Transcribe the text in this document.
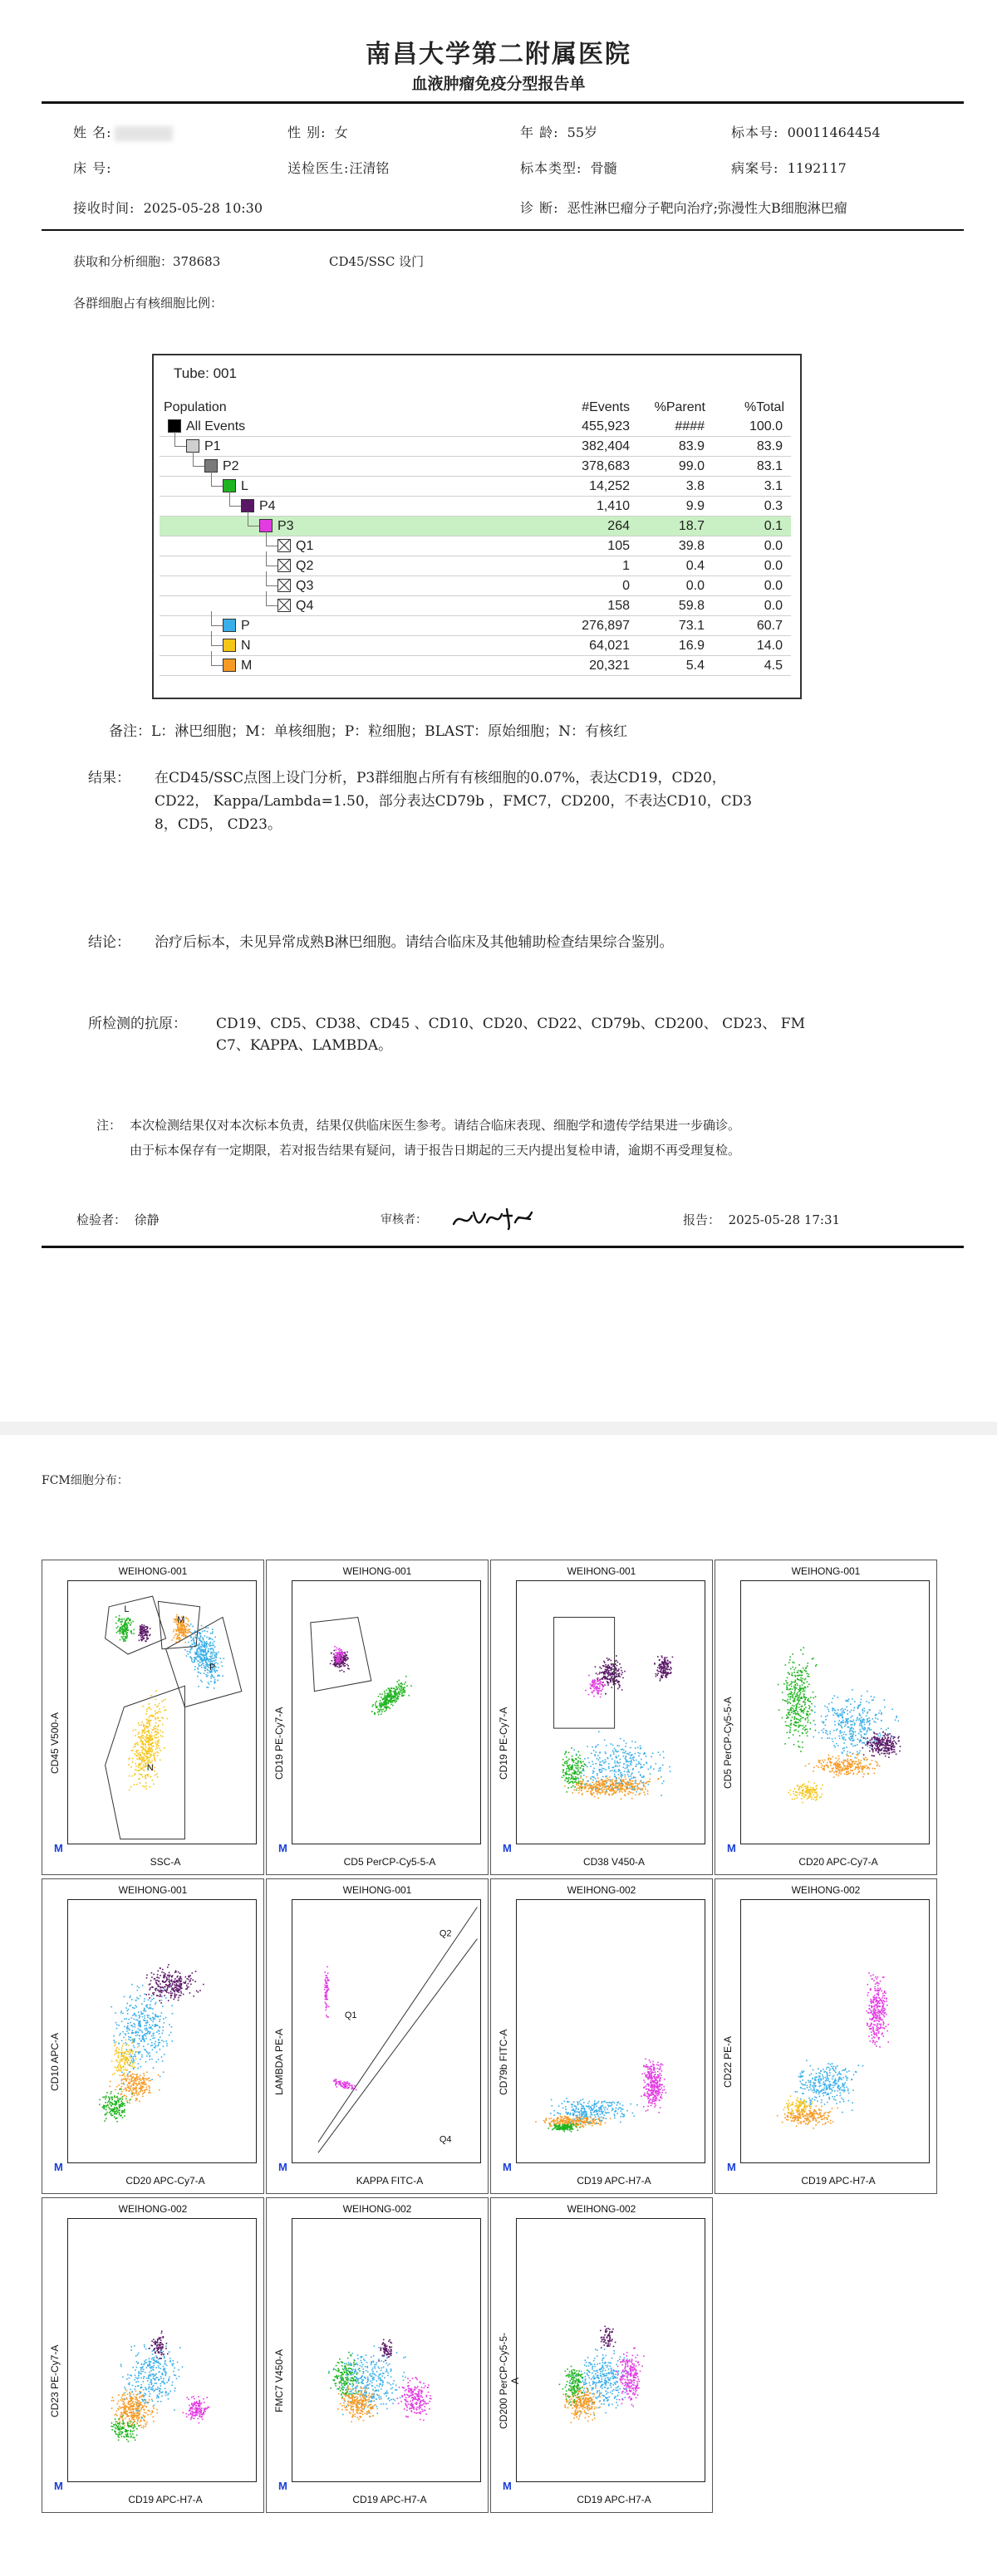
南昌大学第二附属医院
血液肿瘤免疫分型报告单
姓 名:	性 别: 女	年 龄: 55岁	标本号: 00011464454
床 号:	送检医生:汪清铭	标本类型: 骨髓	病案号: 1192117
接收时间: 2025-05-28 10:30	诊 断: 恶性淋巴瘤分子靶向治疗;弥漫性大B细胞淋巴瘤
获取和分析细胞：378683	CD45/SSC 设门
各群细胞占有核细胞比例：
Tube: 001
Population	#Events %Parent	%Total
All Events	455,923	####	100.0
P1	382,404	83.9	83.9
P2	378,683	99.0	83.1
L	14,252	3.8	3.1
P4	1,410	9.9	0.3
P3	264	18.7	0.1
Q1	105	39.8	0.0
Q2	1	0.4	0.0
Q3	0	0.0	0.0
Q4	158	59.8	0.0
P	276,897	73.1	60.7
N	64,021	16.9	14.0
M	20,321	5.4	4.5
备注：L：淋巴细胞；M：单核细胞；P：粒细胞；BLAST：原始细胞；N：有核红
结果： 在CD45/SSC点图上设门分析，P3群细胞占所有有核细胞的0.07%，表达CD19，CD20，
CD22， Kappa/Lambda=1.50，部分表达CD79b ，FMC7，CD200，不表达CD10，CD3
8，CD5， CD23。
结论： 治疗后标本，未见异常成熟B淋巴细胞。请结合临床及其他辅助检查结果综合鉴别。
所检测的抗原： CD19、CD5、CD38、CD45 、CD10、CD20、CD22、CD79b、CD200、 CD23、 FM
C7、KAPPA、LAMBDA。
注： 本次检测结果仅对本次标本负责，结果仅供临床医生参考。请结合临床表现、细胞学和遗传学结果进一步确诊。
由于标本保存有一定期限，若对报告结果有疑问，请于报告日期起的三天内提出复检申请，逾期不再受理复检。
检验者： 徐静	审核者：	报告： 2025-05-28 17:31
FCM细胞分布：
L
M
P
N
WEIHONG-001
SSC-A
CD45 V500-A
M
WEIHONG-001
CD5 PerCP-Cy5-5-A
CD19 PE-Cy7-A
M
WEIHONG-001
CD38 V450-A
CD19 PE-Cy7-A
M
WEIHONG-001
CD20 APC-Cy7-A
CD5 PerCP-Cy5-5-A
M
WEIHONG-001
CD20 APC-Cy7-A
CD10 APC-A
M
Q1
Q2
Q4
WEIHONG-001
KAPPA FITC-A
LAMBDA PE-A
M
WEIHONG-002
CD19 APC-H7-A
CD79b FITC-A
M
WEIHONG-002
CD19 APC-H7-A
CD22 PE-A
M
WEIHONG-002
CD19 APC-H7-A
CD23 PE-Cy7-A
M
WEIHONG-002
CD19 APC-H7-A
FMC7 V450-A
M
WEIHONG-002
CD19 APC-H7-A
CD200 PerCP-Cy5-5-A
M
